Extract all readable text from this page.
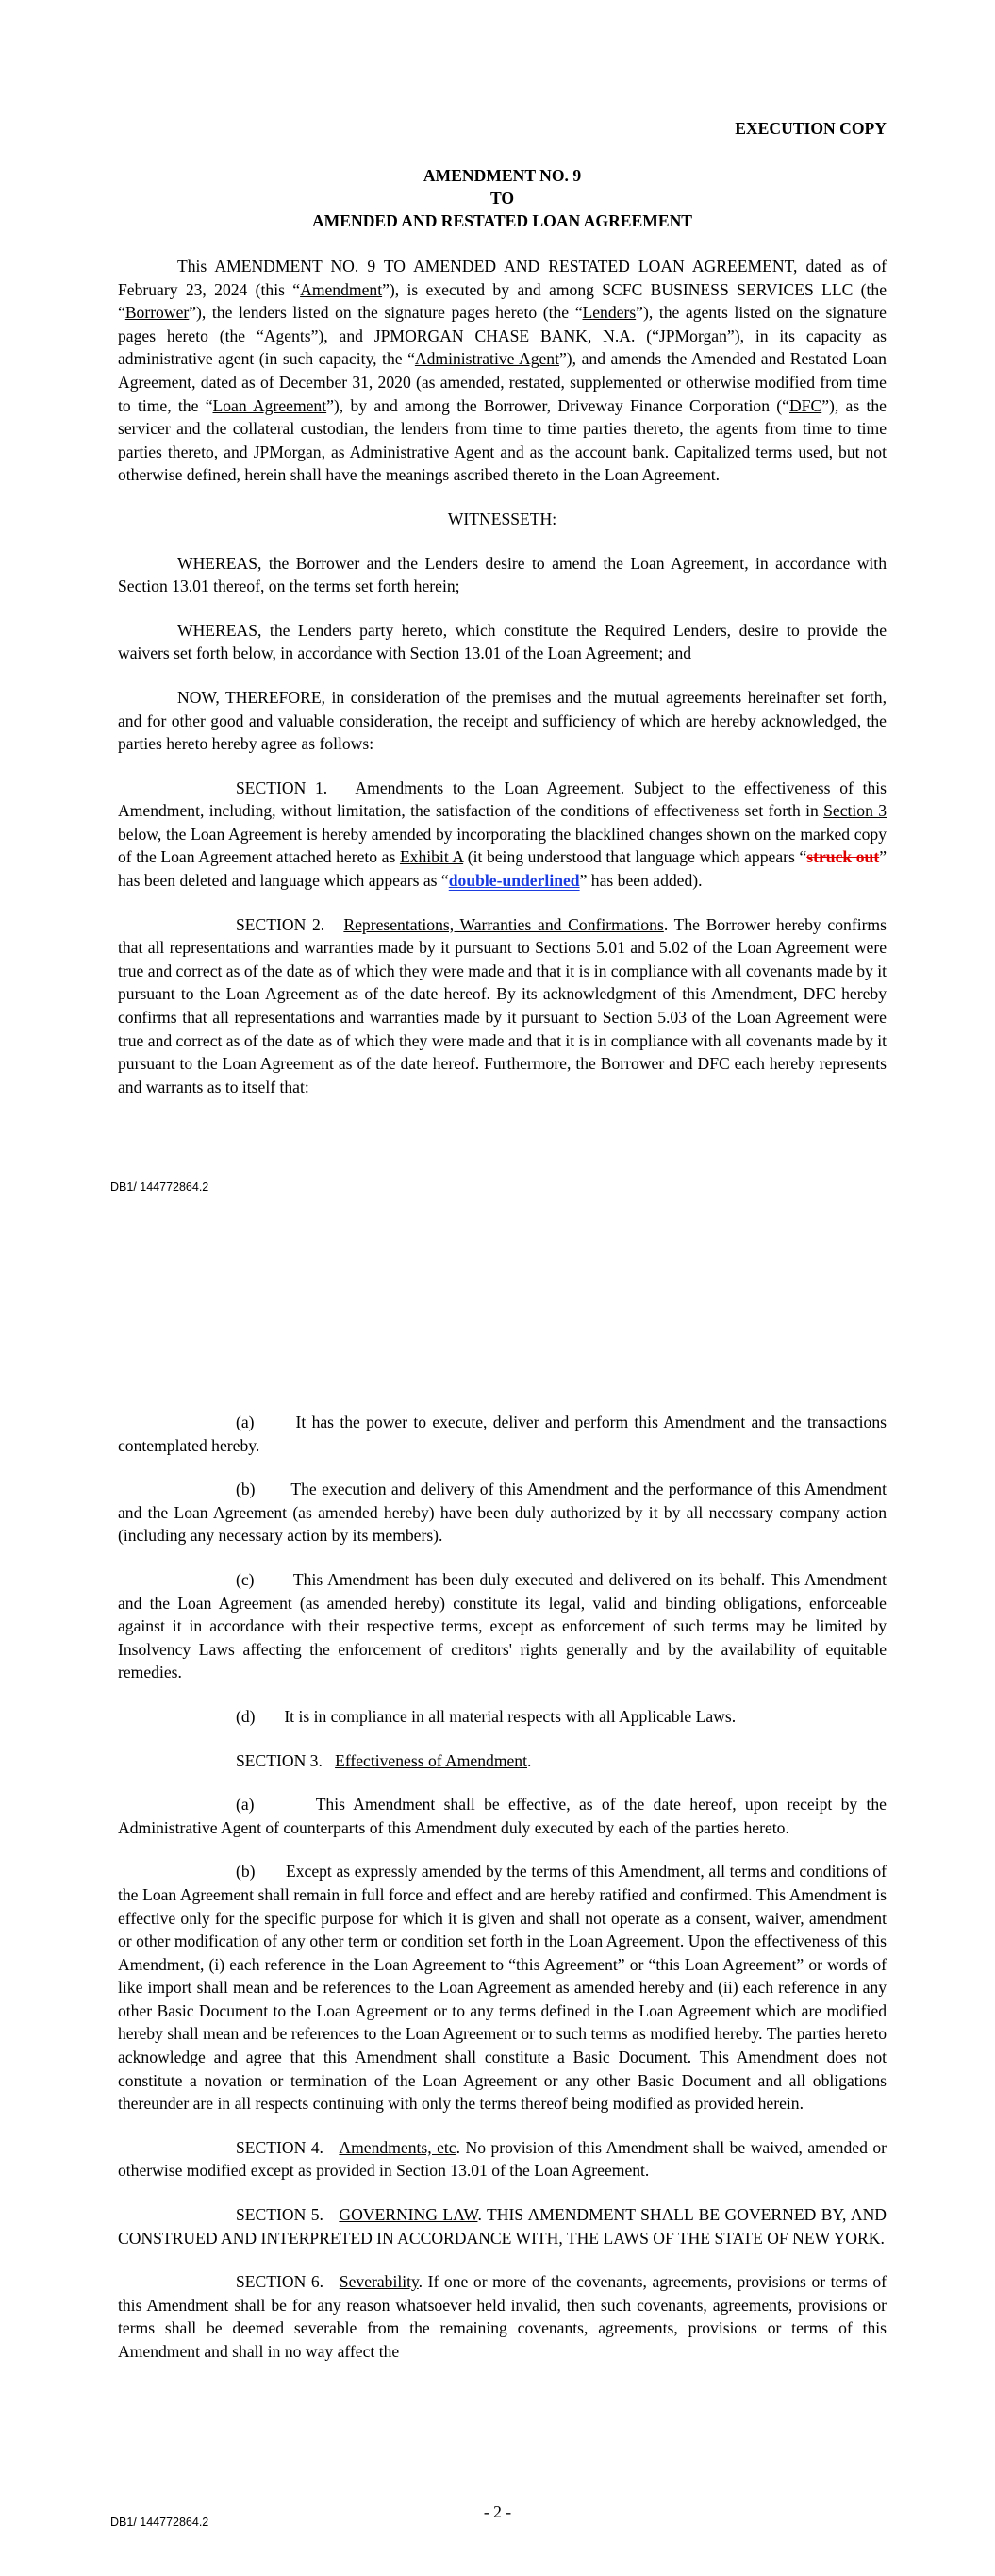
EXECUTION COPY
AMENDMENT NO. 9
TO
AMENDED AND RESTATED LOAN AGREEMENT

This AMENDMENT NO. 9 TO AMENDED AND RESTATED LOAN AGREEMENT, dated as of February 23, 2024 (this “Amendment”), is executed by and among SCFC BUSINESS SERVICES LLC (the “Borrower”), the lenders listed on the signature pages hereto (the “Lenders”), the agents listed on the signature pages hereto (the “Agents”), and JPMORGAN CHASE BANK, N.A. (“JPMorgan”), in its capacity as administrative agent (in such capacity, the “Administrative Agent”), and amends the Amended and Restated Loan Agreement, dated as of December 31, 2020 (as amended, restated, supplemented or otherwise modified from time to time, the “Loan Agreement”), by and among the Borrower, Driveway Finance Corporation (“DFC”), as the servicer and the collateral custodian, the lenders from time to time parties thereto, the agents from time to time parties thereto, and JPMorgan, as Administrative Agent and as the account bank. Capitalized terms used, but not otherwise defined, herein shall have the meanings ascribed thereto in the Loan Agreement.

WITNESSETH:

WHEREAS, the Borrower and the Lenders desire to amend the Loan Agreement, in accordance with Section 13.01 thereof, on the terms set forth herein;

WHEREAS, the Lenders party hereto, which constitute the Required Lenders, desire to provide the waivers set forth below, in accordance with Section 13.01 of the Loan Agreement; and

NOW, THEREFORE, in consideration of the premises and the mutual agreements hereinafter set forth, and for other good and valuable consideration, the receipt and sufficiency of which are hereby acknowledged, the parties hereto hereby agree as follows:

SECTION 1. Amendments to the Loan Agreement. Subject to the effectiveness of this Amendment, including, without limitation, the satisfaction of the conditions of effectiveness set forth in Section 3 below, the Loan Agreement is hereby amended by incorporating the blacklined changes shown on the marked copy of the Loan Agreement attached hereto as Exhibit A (it being understood that language which appears “struck out” has been deleted and language which appears as “double-underlined” has been added).

SECTION 2. Representations, Warranties and Confirmations. The Borrower hereby confirms that all representations and warranties made by it pursuant to Sections 5.01 and 5.02 of the Loan Agreement were true and correct as of the date as of which they were made and that it is in compliance with all covenants made by it pursuant to the Loan Agreement as of the date hereof. By its acknowledgment of this Amendment, DFC hereby confirms that all representations and warranties made by it pursuant to Section 5.03 of the Loan Agreement were true and correct as of the date as of which they were made and that it is in compliance with all covenants made by it pursuant to the Loan Agreement as of the date hereof. Furthermore, the Borrower and DFC each hereby represents and warrants as to itself that:

DB1/ 144772864.2

(a)	It has the power to execute, deliver and perform this Amendment and the transactions contemplated hereby.

(b) The execution and delivery of this Amendment and the performance of this Amendment and the Loan Agreement (as amended hereby) have been duly authorized by it by all necessary company action (including any necessary action by its members).

(c) This Amendment has been duly executed and delivered on its behalf. This Amendment and the Loan Agreement (as amended hereby) constitute its legal, valid and binding obligations, enforceable against it in accordance with their respective terms, except as enforcement of such terms may be limited by Insolvency Laws affecting the enforcement of creditors' rights generally and by the availability of equitable remedies.

(d) It is in compliance in all material respects with all Applicable Laws.

SECTION 3. Effectiveness of Amendment.

(a)	This Amendment shall be effective, as of the date hereof, upon receipt by the Administrative Agent of counterparts of this Amendment duly executed by each of the parties hereto.

(b) Except as expressly amended by the terms of this Amendment, all terms and conditions of the Loan Agreement shall remain in full force and effect and are hereby ratified and confirmed. This Amendment is effective only for the specific purpose for which it is given and shall not operate as a consent, waiver, amendment or other modification of any other term or condition set forth in the Loan Agreement. Upon the effectiveness of this Amendment, (i) each reference in the Loan Agreement to “this Agreement” or “this Loan Agreement” or words of like import shall mean and be references to the Loan Agreement as amended hereby and (ii) each reference in any other Basic Document to the Loan Agreement or to any terms defined in the Loan Agreement which are modified hereby shall mean and be references to the Loan Agreement or to such terms as modified hereby. The parties hereto acknowledge and agree that this Amendment shall constitute a Basic Document. This Amendment does not constitute a novation or termination of the Loan Agreement or any other Basic Document and all obligations thereunder are in all respects continuing with only the terms thereof being modified as provided herein.

SECTION 4. Amendments, etc. No provision of this Amendment shall be waived, amended or otherwise modified except as provided in Section 13.01 of the Loan Agreement.

SECTION 5. GOVERNING LAW. THIS AMENDMENT SHALL BE GOVERNED BY, AND CONSTRUED AND INTERPRETED IN ACCORDANCE WITH, THE LAWS OF THE STATE OF NEW YORK.

SECTION 6. Severability. If one or more of the covenants, agreements, provisions or terms of this Amendment shall be for any reason whatsoever held invalid, then such covenants, agreements, provisions or terms shall be deemed severable from the remaining covenants, agreements, provisions or terms of this Amendment and shall in no way affect the

- 2 -
DB1/ 144772864.2
